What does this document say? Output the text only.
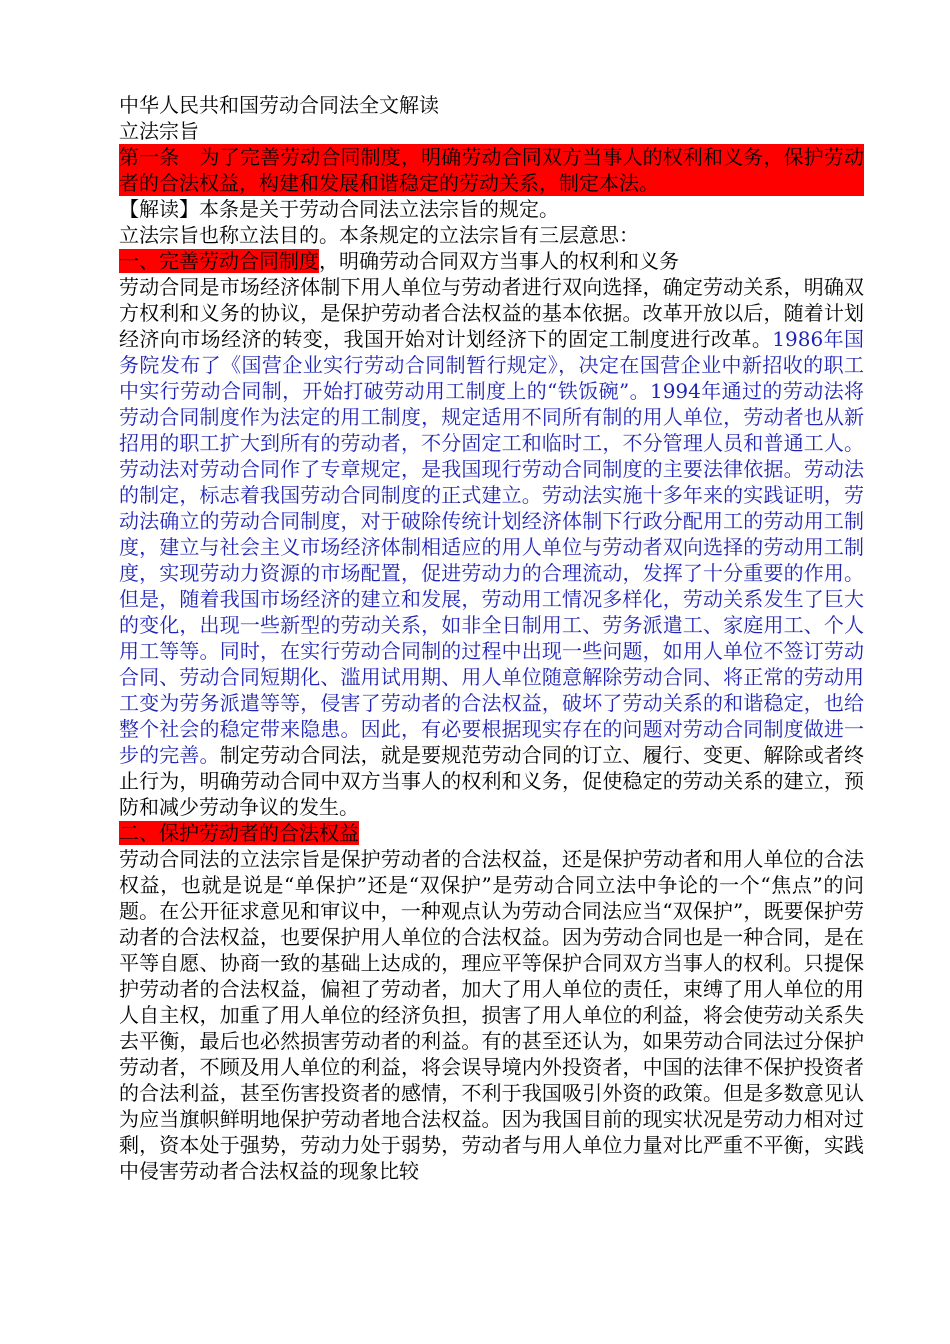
中华人民共和国劳动合同法全文解读
立法宗旨
第一条　为了完善劳动合同制度，明确劳动合同双方当事人的权利和义务，保护劳动者的合法权益，构建和发展和谐稳定的劳动关系，制定本法。
【解读】本条是关于劳动合同法立法宗旨的规定。
立法宗旨也称立法目的。本条规定的立法宗旨有三层意思：
一、完善劳动合同制度，明确劳动合同双方当事人的权利和义务
劳动合同是市场经济体制下用人单位与劳动者进行双向选择，确定劳动关系，明确双方权利和义务的协议，是保护劳动者合法权益的基本依据。改革开放以后，随着计划经济向市场经济的转变，我国开始对计划经济下的固定工制度进行改革。1986年国务院发布了《国营企业实行劳动合同制暂行规定》，决定在国营企业中新招收的职工中实行劳动合同制，开始打破劳动用工制度上的“铁饭碗”。1994年通过的劳动法将劳动合同制度作为法定的用工制度，规定适用不同所有制的用人单位，劳动者也从新招用的职工扩大到所有的劳动者，不分固定工和临时工，不分管理人员和普通工人。劳动法对劳动合同作了专章规定，是我国现行劳动合同制度的主要法律依据。劳动法的制定，标志着我国劳动合同制度的正式建立。劳动法实施十多年来的实践证明，劳动法确立的劳动合同制度，对于破除传统计划经济体制下行政分配用工的劳动用工制度，建立与社会主义市场经济体制相适应的用人单位与劳动者双向选择的劳动用工制度，实现劳动力资源的市场配置，促进劳动力的合理流动，发挥了十分重要的作用。但是，随着我国市场经济的建立和发展，劳动用工情况多样化，劳动关系发生了巨大的变化，出现一些新型的劳动关系，如非全日制用工、劳务派遣工、家庭用工、个人用工等等。同时，在实行劳动合同制的过程中出现一些问题，如用人单位不签订劳动合同、劳动合同短期化、滥用试用期、用人单位随意解除劳动合同、将正常的劳动用工变为劳务派遣等等，侵害了劳动者的合法权益，破坏了劳动关系的和谐稳定，也给整个社会的稳定带来隐患。因此，有必要根据现实存在的问题对劳动合同制度做进一步的完善。制定劳动合同法，就是要规范劳动合同的订立、履行、变更、解除或者终止行为，明确劳动合同中双方当事人的权利和义务，促使稳定的劳动关系的建立，预防和减少劳动争议的发生。
二、保护劳动者的合法权益
劳动合同法的立法宗旨是保护劳动者的合法权益，还是保护劳动者和用人单位的合法权益，也就是说是“单保护”还是“双保护”是劳动合同立法中争论的一个“焦点”的问题。在公开征求意见和审议中，一种观点认为劳动合同法应当“双保护”，既要保护劳动者的合法权益，也要保护用人单位的合法权益。因为劳动合同也是一种合同，是在平等自愿、协商一致的基础上达成的，理应平等保护合同双方当事人的权利。只提保护劳动者的合法权益，偏袒了劳动者，加大了用人单位的责任，束缚了用人单位的用人自主权，加重了用人单位的经济负担，损害了用人单位的利益，将会使劳动关系失去平衡，最后也必然损害劳动者的利益。有的甚至还认为，如果劳动合同法过分保护劳动者，不顾及用人单位的利益，将会误导境内外投资者，中国的法律不保护投资者的合法利益，甚至伤害投资者的感情，不利于我国吸引外资的政策。但是多数意见认为应当旗帜鲜明地保护劳动者地合法权益。因为我国目前的现实状况是劳动力相对过剩，资本处于强势，劳动力处于弱势，劳动者与用人单位力量对比严重不平衡，实践中侵害劳动者合法权益的现象比较
